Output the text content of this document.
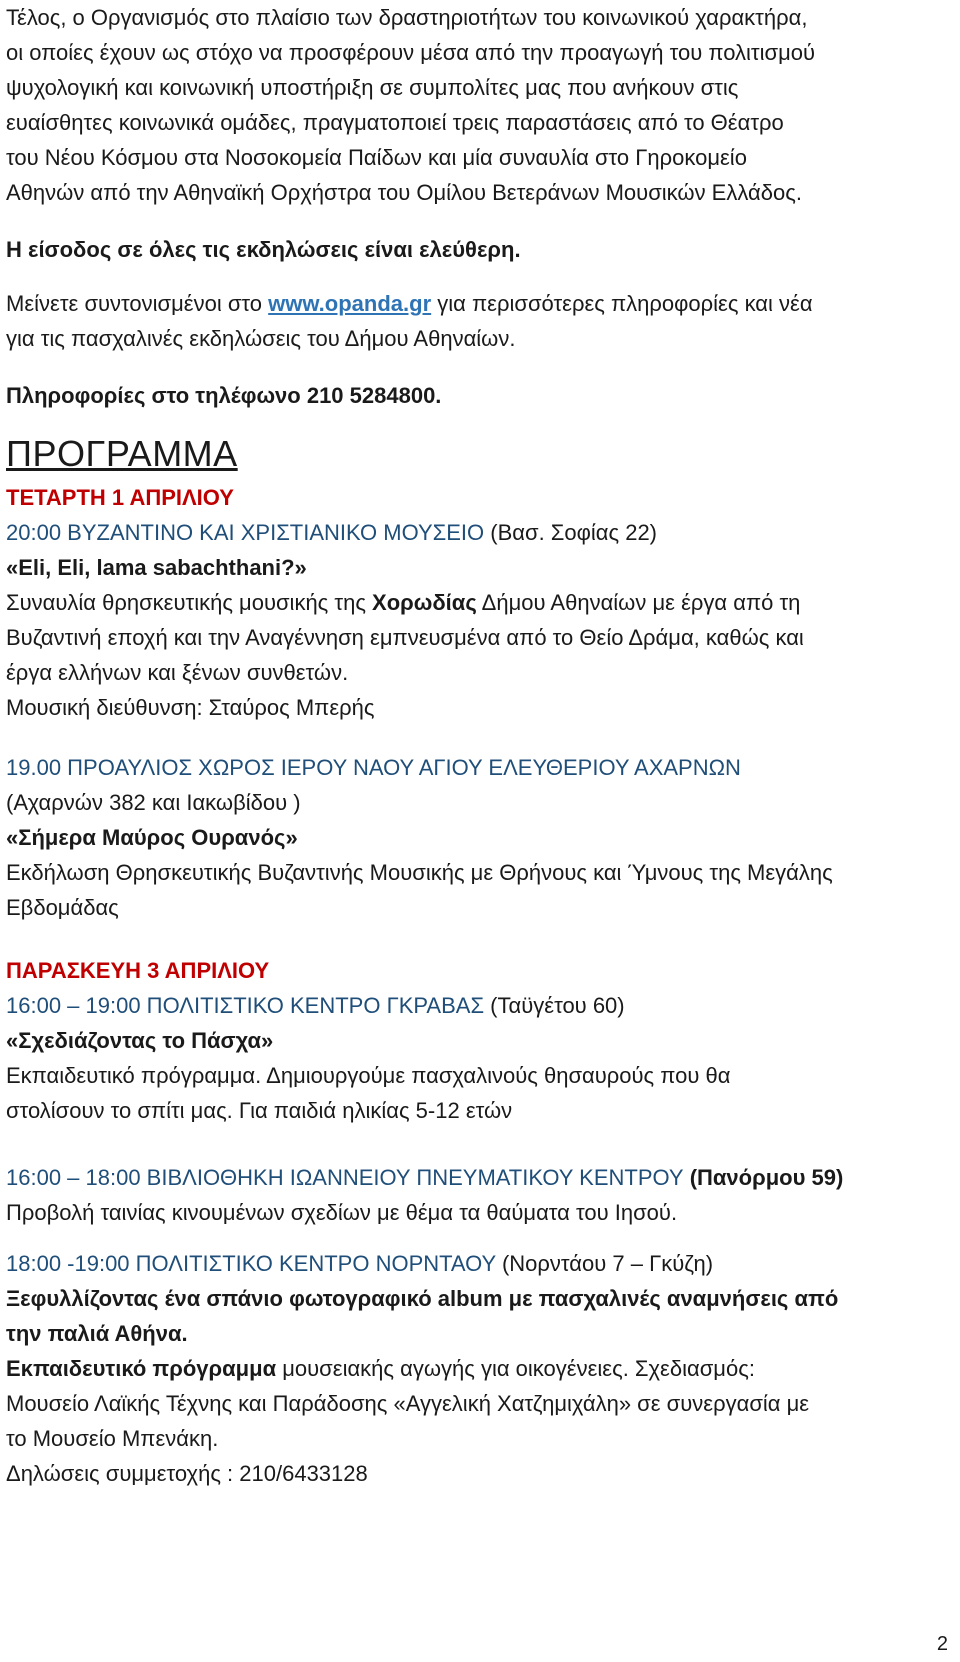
Τέλος, ο Οργανισμός στο πλαίσιο των δραστηριοτήτων του κοινωνικού χαρακτήρα,

οι οποίες έχουν ως στόχο να προσφέρουν μέσα από την προαγωγή του πολιτισμού

ψυχολογική και κοινωνική υποστήριξη σε συμπολίτες μας που ανήκουν στις

ευαίσθητες κοινωνικά ομάδες, πραγματοποιεί τρεις παραστάσεις από το Θέατρο

του Νέου Κόσμου στα Νοσοκομεία Παίδων και μία συναυλία στο Γηροκομείο

Αθηνών από την Αθηναϊκή Ορχήστρα του Ομίλου Βετεράνων Μουσικών Ελλάδος.

Η είσοδος σε όλες τις εκδηλώσεις είναι ελεύθερη.

Μείνετε συντονισμένοι στο www.opanda.gr για περισσότερες πληροφορίες και νέα

για τις πασχαλινές εκδηλώσεις του Δήμου Αθηναίων.

Πληροφορίες στο τηλέφωνο 210 5284800.

ΠΡΟΓΡΑΜΜΑ

ΤΕΤΑΡΤΗ 1 ΑΠΡΙΛΙΟΥ

20:00 ΒΥΖΑΝΤΙΝΟ ΚΑΙ ΧΡΙΣΤΙΑΝΙΚΟ ΜΟΥΣΕΙΟ (Βασ. Σοφίας 22)

«Eli, Eli, lama sabachthani?»

Συναυλία θρησκευτικής μουσικής της Χορωδίας Δήμου Αθηναίων με έργα από τη

Βυζαντινή εποχή και την Αναγέννηση εμπνευσμένα από το Θείο Δράμα, καθώς και

έργα ελλήνων και ξένων συνθετών.

Μουσική διεύθυνση: Σταύρος Μπερής

19.00 ΠΡΟΑΥΛΙΟΣ ΧΩΡΟΣ ΙΕΡΟΥ ΝΑΟΥ ΑΓΙΟΥ ΕΛΕΥΘΕΡΙΟΥ ΑΧΑΡΝΩΝ

(Αχαρνών 382 και Ιακωβίδου )

«Σήμερα Μαύρος Ουρανός»

Εκδήλωση Θρησκευτικής Βυζαντινής Μουσικής με Θρήνους και Ύμνους της Μεγάλης

Εβδομάδας

ΠΑΡΑΣΚΕΥΗ 3 ΑΠΡΙΛΙΟΥ

16:00 – 19:00 ΠΟΛΙΤΙΣΤΙΚΟ ΚΕΝΤΡΟ ΓΚΡΑΒΑΣ (Ταϋγέτου 60)

«Σχεδιάζοντας το Πάσχα»

Εκπαιδευτικό πρόγραμμα. Δημιουργούμε πασχαλινούς θησαυρούς που θα

στολίσουν το σπίτι μας. Για παιδιά ηλικίας 5-12 ετών

16:00 – 18:00 ΒΙΒΛΙΟΘΗΚΗ ΙΩΑΝΝΕΙΟΥ ΠΝΕΥΜΑΤΙΚΟΥ ΚΕΝΤΡΟΥ (Πανόρμου 59)

Προβολή ταινίας κινουμένων σχεδίων με θέμα τα θαύματα του Ιησού.

18:00 -19:00 ΠΟΛΙΤΙΣΤΙΚΟ ΚΕΝΤΡΟ ΝΟΡΝΤΑΟΥ (Νορντάου 7 – Γκύζη)

Ξεφυλλίζοντας ένα σπάνιο φωτογραφικό album με πασχαλινές αναμνήσεις από

την παλιά Αθήνα.

Εκπαιδευτικό πρόγραμμα μουσειακής αγωγής για οικογένειες. Σχεδιασμός:

Μουσείο Λαϊκής Τέχνης και Παράδοσης «Αγγελική Χατζημιχάλη» σε συνεργασία με

το Μουσείο Μπενάκη.

Δηλώσεις συμμετοχής : 210/6433128

2
